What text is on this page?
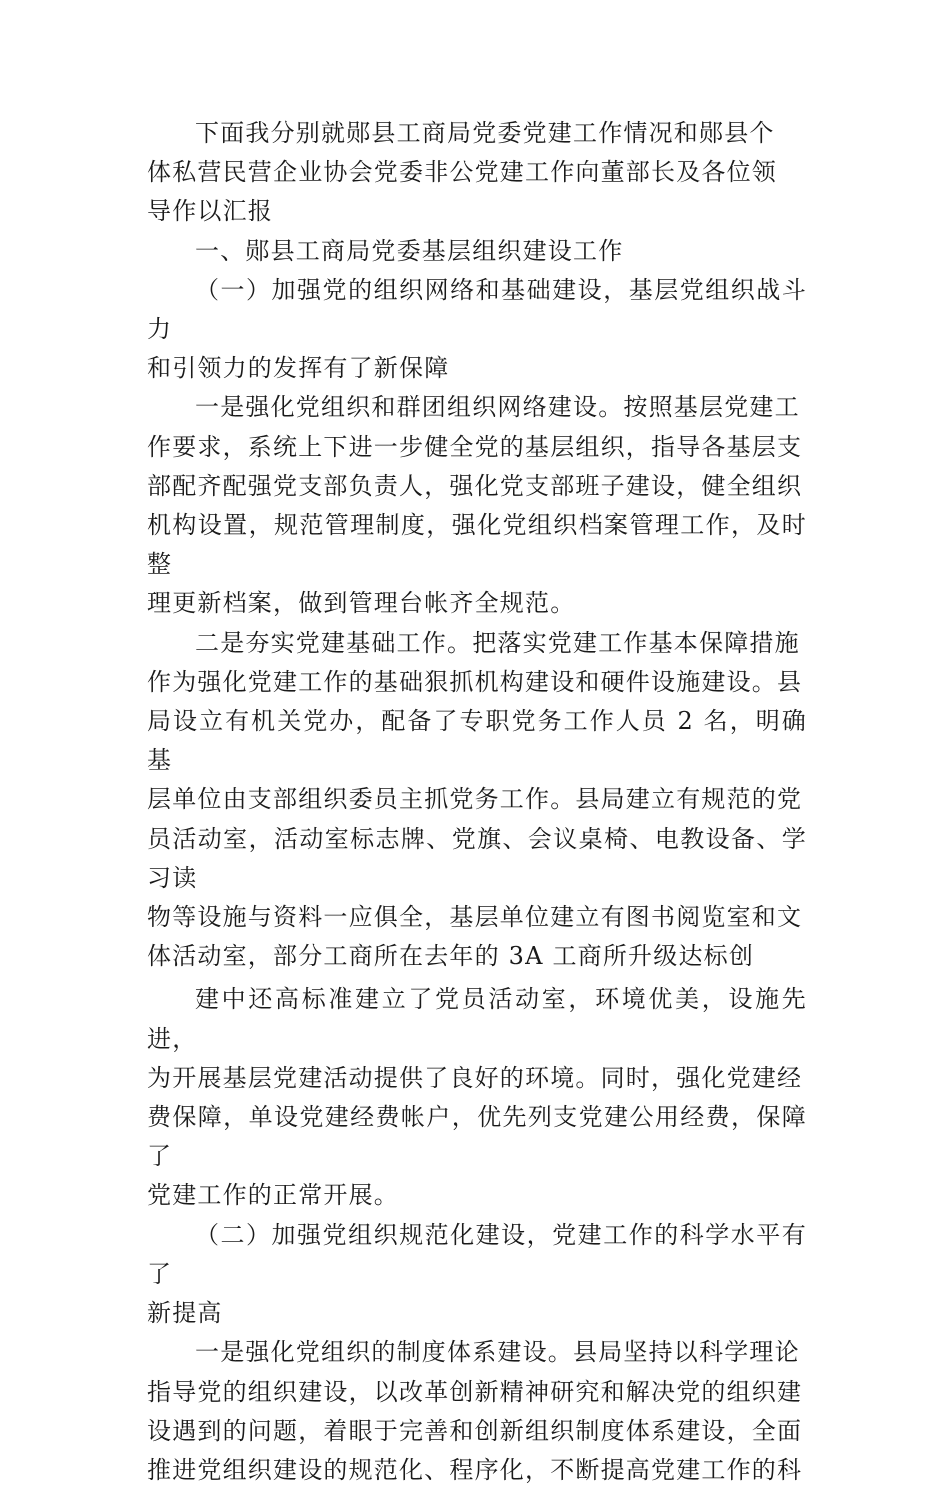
下面我分别就郧县工商局党委党建工作情况和郧县个
体私营民营企业协会党委非公党建工作向董部长及各位领
导作以汇报

一、郧县工商局党委基层组织建设工作

（一）加强党的组织网络和基础建设，基层党组织战斗力
和引领力的发挥有了新保障

一是强化党组织和群团组织网络建设。按照基层党建工
作要求，系统上下进一步健全党的基层组织，指导各基层支
部配齐配强党支部负责人，强化党支部班子建设，健全组织
机构设置，规范管理制度，强化党组织档案管理工作，及时整
理更新档案，做到管理台帐齐全规范。

二是夯实党建基础工作。把落实党建工作基本保障措施
作为强化党建工作的基础狠抓机构建设和硬件设施建设。县
局设立有机关党办，配备了专职党务工作人员 2 名，明确基
层单位由支部组织委员主抓党务工作。县局建立有规范的党
员活动室，活动室标志牌、党旗、会议桌椅、电教设备、学习读
物等设施与资料一应俱全，基层单位建立有图书阅览室和文
体活动室，部分工商所在去年的 3A 工商所升级达标创

建中还高标准建立了党员活动室，环境优美，设施先进，
为开展基层党建活动提供了良好的环境。同时，强化党建经
费保障，单设党建经费帐户，优先列支党建公用经费，保障了
党建工作的正常开展。

（二）加强党组织规范化建设，党建工作的科学水平有了
新提高

一是强化党组织的制度体系建设。县局坚持以科学理论
指导党的组织建设，以改革创新精神研究和解决党的组织建
设遇到的问题，着眼于完善和创新组织制度体系建设，全面
推进党组织建设的规范化、程序化，不断提高党建工作的科
